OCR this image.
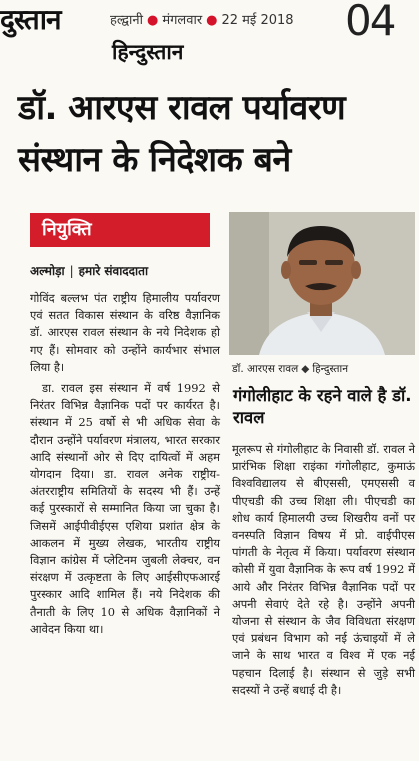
दुस्तान	हल्द्वानी ● मंगलवार ● 22 मई 2018 04
हिन्दुस्तान
डॉ. आरएस रावल पर्यावरण
संस्थान के निदेशक बने
नियुक्ति
अल्मोड़ा | हमारे संवाददाता

गोविंद बल्लभ पंत राष्ट्रीय हिमालीय पर्यावरण एवं सतत विकास संस्थान के वरिष्ठ वैज्ञानिक डॉ. आरएस रावल संस्थान के नये निदेशक हो गए हैं। सोमवार को उन्होंने कार्यभार संभाल लिया है।

डा. रावल इस संस्थान में वर्ष 1992 से निरंतर विभिन्न वैज्ञानिक पदों पर कार्यरत है। संस्थान में 25 वर्षो से भी अधिक सेवा के दौरान उन्होंने पर्यावरण मंत्रालय, भारत सरकार आदि संस्थानों ओर से दिए दायित्वों में अहम योगदान दिया। डा. रावल अनेक राष्ट्रीय-अंतरराष्ट्रीय समितियों के सदस्य भी हैं। उन्हें कई पुरस्कारों से सम्मानित किया जा चुका है। जिसमें आईपीवीईएस एशिया प्रशांत क्षेत्र के आकलन में मुख्य लेखक, भारतीय राष्ट्रीय विज्ञान कांग्रेस में प्लेटिनम जुबली लेक्चर, वन संरक्षण में उत्कृष्टता के लिए आईसीएफआरई पुरस्कार आदि शामिल हैं। नये निदेशक की तैनाती के लिए 10 से अधिक वैज्ञानिकों ने आवेदन किया था।

डॉ. आरएस रावल ◆ हिन्दुस्तान
गंगोलीहाट के रहने वाले है डॉ. रावल

मूलरूप से गंगोलीहाट के निवासी डॉ. रावल ने प्रारंभिक शिक्षा राइंका गंगोलीहाट, कुमाऊं विश्वविद्यालय से बीएससी, एमएससी व पीएचडी की उच्च शिक्षा ली। पीएचडी का शोध कार्य हिमालयी उच्च शिखरीय वनों पर वनस्पति विज्ञान विषय में प्रो. वाईपीएस पांगती के नेतृत्व में किया। पर्यावरण संस्थान कोसी में युवा वैज्ञानिक के रूप वर्ष 1992 में आये और निरंतर विभिन्न वैज्ञानिक पदों पर अपनी सेवाएं देते रहे है। उन्होंने अपनी योजना से संस्थान के जैव विविधता संरक्षण एवं प्रबंधन विभाग को नई ऊंचाइयों में ले जाने के साथ भारत व विश्व में एक नई पहचान दिलाई है। संस्थान से जुड़े सभी सदस्यों ने उन्हें बधाई दी है।
